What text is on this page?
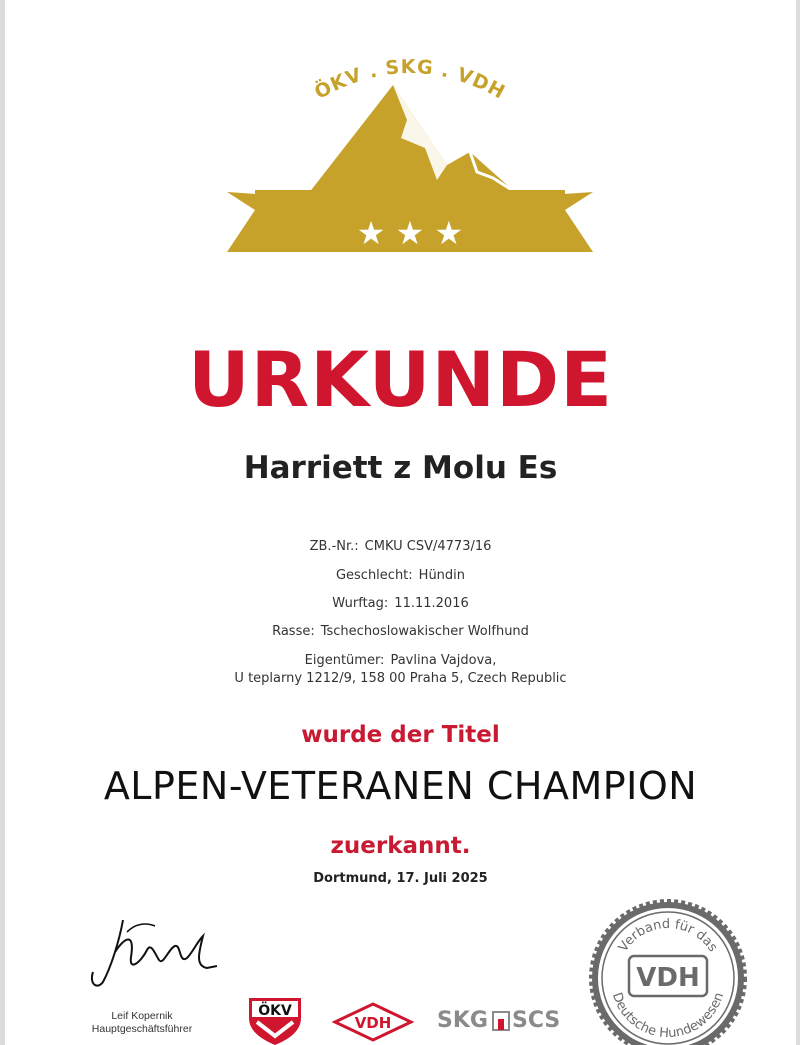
ÖKV . SKG . VDH
★ ★ ★
URKUNDE
Harriett z Molu Es
ZB.-Nr.: CMKU CSV/4773/16
Geschlecht: Hündin
Wurftag: 11.11.2016
Rasse: Tschechoslowakischer Wolfhund
Eigentümer: Pavlina Vajdova,
U teplarny 1212/9, 158 00 Praha 5, Czech Republic
wurde der Titel
ALPEN-VETERANEN CHAMPION
zuerkannt.
Dortmund, 17. Juli 2025
Leif Kopernik
Hauptgeschäftsführer
ÖKV
VDH SKG SCS
Verband für das
Deutsche Hundewesen
VDH
